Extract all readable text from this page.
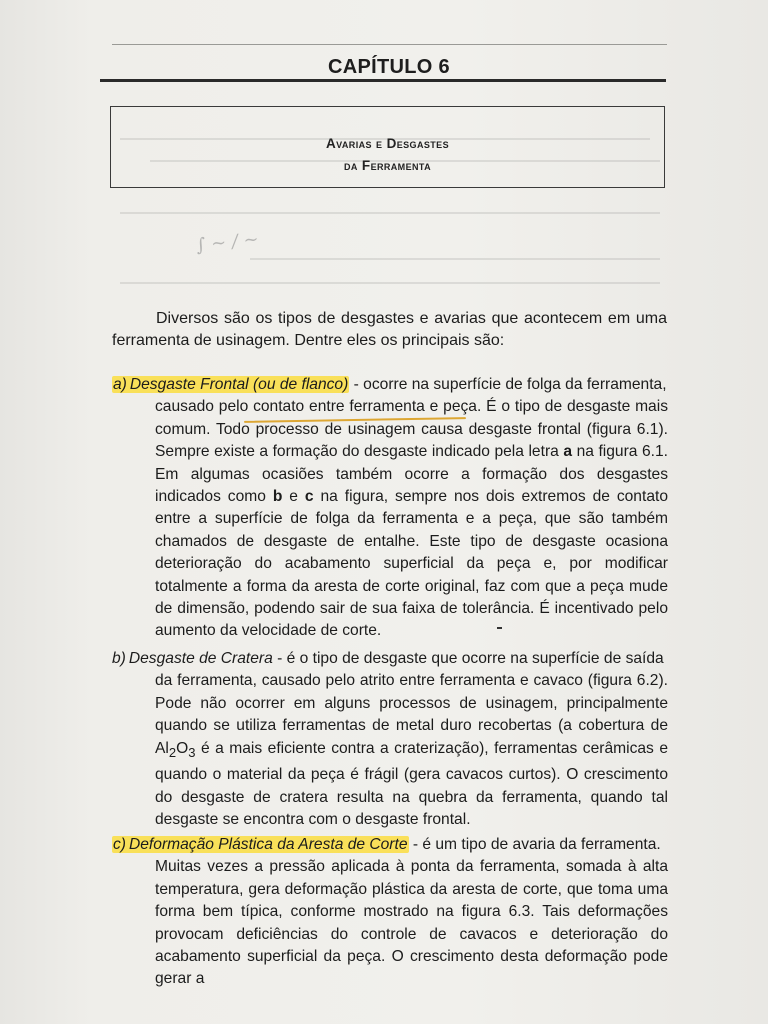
CAPÍTULO 6
Avarias e Desgastes
da Ferramenta
∫ ~ ∕ ~
Diversos são os tipos de desgastes e avarias que acontecem em uma ferramenta de usinagem. Dentre eles os principais são:
a) Desgaste Frontal (ou de flanco) - ocorre na superfície de folga da ferramenta,
causado pelo contato entre ferramenta e peça. É o tipo de desgaste mais comum. Todo processo de usinagem causa desgaste frontal (figura 6.1). Sempre existe a formação do desgaste indicado pela letra a na figura 6.1. Em algumas ocasiões também ocorre a formação dos desgastes indicados como b e c na figura, sempre nos dois extremos de contato entre a superfície de folga da ferramenta e a peça, que são também chamados de desgaste de entalhe. Este tipo de desgaste ocasiona deterioração do acabamento superficial da peça e, por modificar totalmente a forma da aresta de corte original, faz com que a peça mude de dimensão, podendo sair de sua faixa de tolerância. É incentivado pelo aumento da velocidade de corte.
b) Desgaste de Cratera - é o tipo de desgaste que ocorre na superfície de saída
da ferramenta, causado pelo atrito entre ferramenta e cavaco (figura 6.2). Pode não ocorrer em alguns processos de usinagem, principalmente quando se utiliza ferramentas de metal duro recobertas (a cobertura de $Al_2O_3$ é a mais eficiente contra a craterização), ferramentas cerâmicas e quando o material da peça é frágil (gera cavacos curtos). O crescimento do desgaste de cratera resulta na quebra da ferramenta, quando tal desgaste se encontra com o desgaste frontal.
c) Deformação Plástica da Aresta de Corte - é um tipo de avaria da ferramenta.
Muitas vezes a pressão aplicada à ponta da ferramenta, somada à alta temperatura, gera deformação plástica da aresta de corte, que toma uma forma bem típica, conforme mostrado na figura 6.3. Tais deformações provocam deficiências do controle de cavacos e deterioração do acabamento superficial da peça. O crescimento desta deformação pode gerar a
